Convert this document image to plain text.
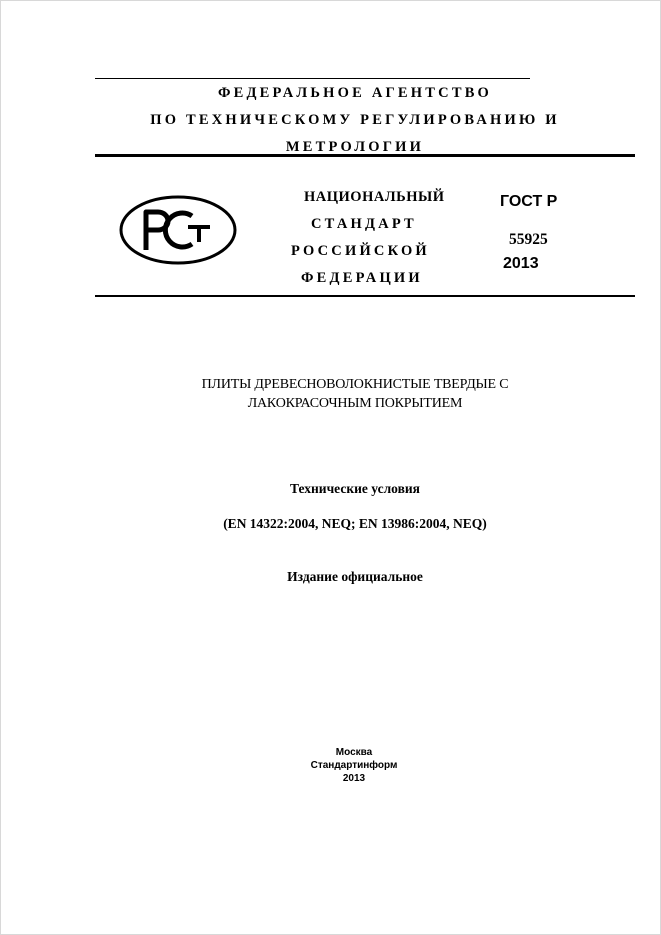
ФЕДЕРАЛЬНОЕ АГЕНТСТВО
ПО ТЕХНИЧЕСКОМУ РЕГУЛИРОВАНИЮ И
МЕТРОЛОГИИ
НАЦИОНАЛЬНЫЙ
СТАНДАРТ
РОССИЙСКОЙ
ФЕДЕРАЦИИ
ГОСТ Р
55925
2013
ПЛИТЫ ДРЕВЕСНОВОЛОКНИСТЫЕ ТВЕРДЫЕ С
ЛАКОКРАСОЧНЫМ ПОКРЫТИЕМ
Технические условия
(EN 14322:2004, NEQ; EN 13986:2004, NEQ)
Издание официальное
Москва
Стандартинформ
2013
